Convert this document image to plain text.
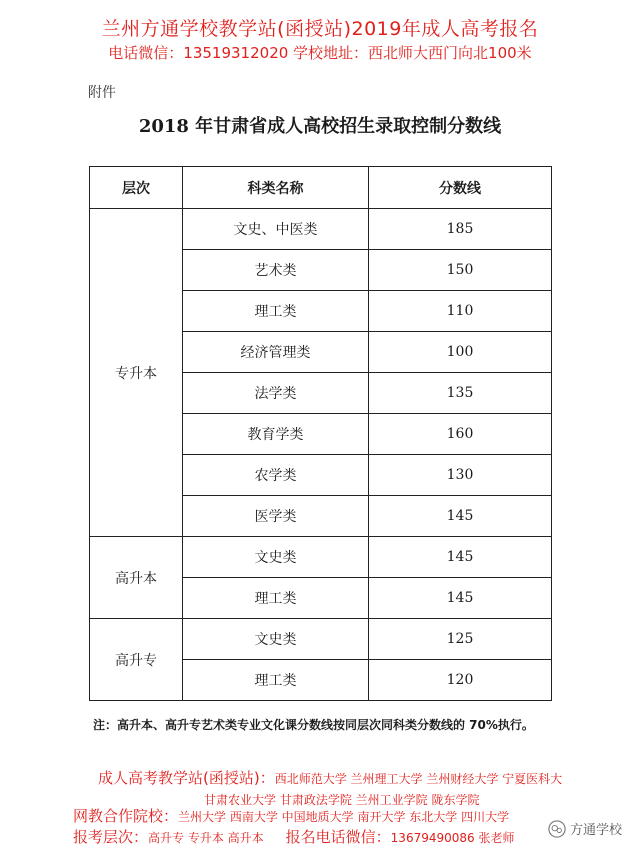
兰州方通学校教学站(函授站)2019年成人高考报名
电话微信：13519312020 学校地址：西北师大西门向北100米
附件
2018 年甘肃省成人高校招生录取控制分数线
层次	科类名称	分数线
专升本	文史、中医类	185
	艺术类	150
	理工类	110
	经济管理类	100
	法学类	135
	教育学类	160
	农学类	130
	医学类	145
高升本	文史类	145
	理工类	145
高升专	文史类	125
	理工类	120
注：高升本、高升专艺术类专业文化课分数线按同层次同科类分数线的 70%执行。
成人高考教学站(函授站)：西北师范大学 兰州理工大学 兰州财经大学 宁夏医科大
甘肃农业大学 甘肃政法学院 兰州工业学院 陇东学院
网教合作院校：兰州大学 西南大学 中国地质大学 南开大学 东北大学 四川大学
报考层次：高升专 专升本 高升本 报名电话微信：13679490086 张老师	方通学校
